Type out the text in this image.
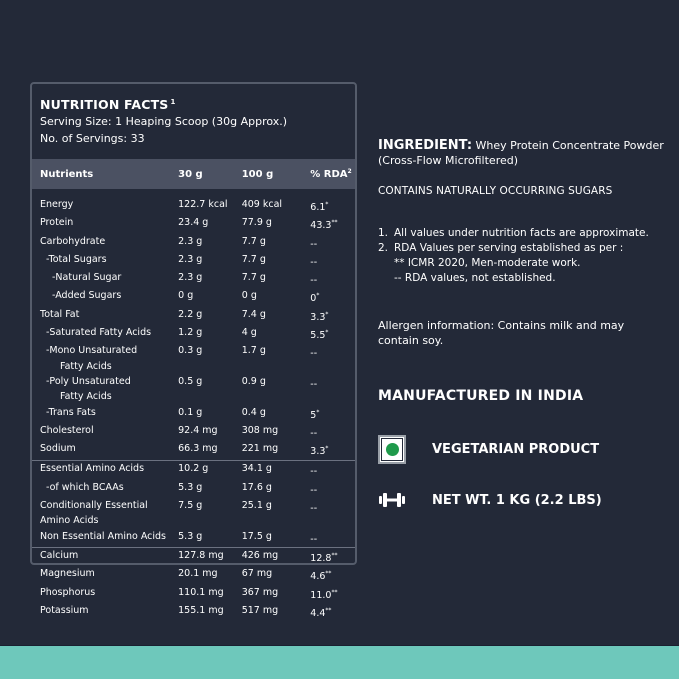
NUTRITION FACTS $^1$
Serving Size: 1 Heaping Scoop (30g Approx.)
No. of Servings: 33
Nutrients	30 g	100 g	% RDA$^2$
Energy	122.7 kcal	409 kcal	6.1*
Protein	23.4 g	77.9 g	43.3**
Carbohydrate	2.3 g	7.7 g	--
-Total Sugars	2.3 g	7.7 g	--
-Natural Sugar	2.3 g	7.7 g	--
-Added Sugars	0 g	0 g	0*
Total Fat	2.2 g	7.4 g	3.3*
-Saturated Fatty Acids	1.2 g	4 g	5.5*
-Mono Unsaturated
Fatty Acids
0.3 g	1.7 g	--
-Poly Unsaturated
Fatty Acids
0.5 g	0.9 g	--
-Trans Fats	0.1 g	0.4 g	5*
Cholesterol	92.4 mg	308 mg	--
Sodium	66.3 mg	221 mg	3.3*
Essential Amino Acids	10.2 g	34.1 g	--
-of which BCAAs	5.3 g	17.6 g	--
Conditionally Essential
Amino Acids
7.5 g	25.1 g	--
Non Essential Amino Acids	5.3 g	17.5 g	--
Calcium	127.8 mg	426 mg	12.8**
Magnesium	20.1 mg	67 mg	4.6**
Phosphorus	110.1 mg	367 mg	11.0**
Potassium	155.1 mg	517 mg	4.4**
INGREDIENT: Whey Protein Concentrate Powder (Cross-Flow Microfiltered)
CONTAINS NATURALLY OCCURRING SUGARS
1. All values under nutrition facts are approximate.
2. RDA Values per serving established as per :
** ICMR 2020, Men-moderate work.
-- RDA values, not established.
Allergen information: Contains milk and may contain soy.
MANUFACTURED IN INDIA
VEGETARIAN PRODUCT
NET WT. 1 KG (2.2 LBS)
